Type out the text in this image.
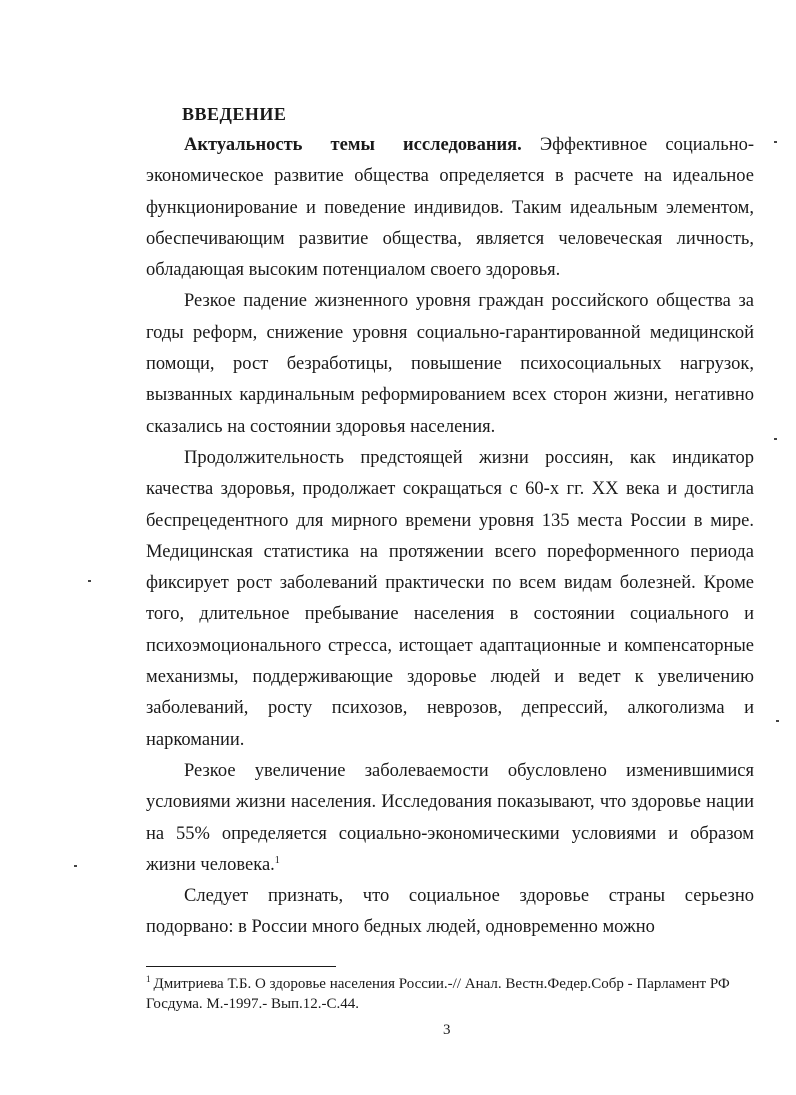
ВВЕДЕНИЕ

Актуальность темы исследования. Эффективное социально-экономическое развитие общества определяется в расчете на идеальное функционирование и поведение индивидов. Таким идеальным элементом, обеспечивающим развитие общества, является человеческая личность, обладающая высоким потенциалом своего здоровья.

Резкое падение жизненного уровня граждан российского общества за годы реформ, снижение уровня социально-гарантированной медицинской помощи, рост безработицы, повышение психосоциальных нагрузок, вызванных кардинальным реформированием всех сторон жизни, негативно сказались на состоянии здоровья населения.

Продолжительность предстоящей жизни россиян, как индикатор качества здоровья, продолжает сокращаться с 60-х гг. XX века и достигла беспрецедентного для мирного времени уровня 135 места России в мире. Медицинская статистика на протяжении всего пореформенного периода фиксирует рост заболеваний практически по всем видам болезней. Кроме того, длительное пребывание населения в состоянии социального и психоэмоционального стресса, истощает адаптационные и компенсаторные механизмы, поддерживающие здоровье людей и ведет к увеличению заболеваний, росту психозов, неврозов, депрессий, алкоголизма и наркомании.

Резкое увеличение заболеваемости обусловлено изменившимися условиями жизни населения. Исследования показывают, что здоровье нации на 55% определяется социально-экономическими условиями и образом жизни человека.$^1$

Следует признать, что социальное здоровье страны серьезно подорвано: в России много бедных людей, одновременно можно

$^1$ Дмитриева Т.Б. О здоровье населения России.-// Анал. Вестн.Федер.Собр - Парламент РФ Госдума. М.-1997.- Вып.12.-С.44.
3
